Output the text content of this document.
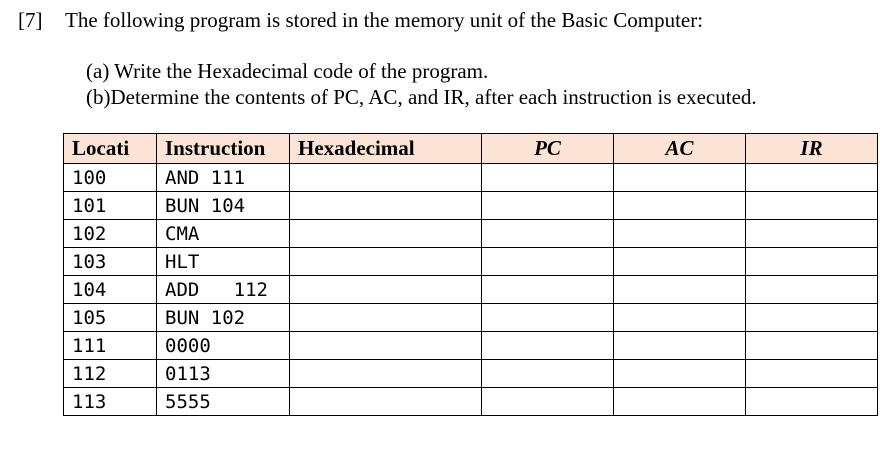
[7] The following program is stored in the memory unit of the Basic Computer:
(a) Write the Hexadecimal code of the program.
(b)Determine the contents of PC, AC, and IR, after each instruction is executed.
Locati	Instruction	Hexadecimal	PC	AC	IR
100	AND 111				
101	BUN 104				
102	CMA				
103	HLT				
104	ADD   112				
105	BUN 102				
111	0000				
112	0113				
113	5555				
